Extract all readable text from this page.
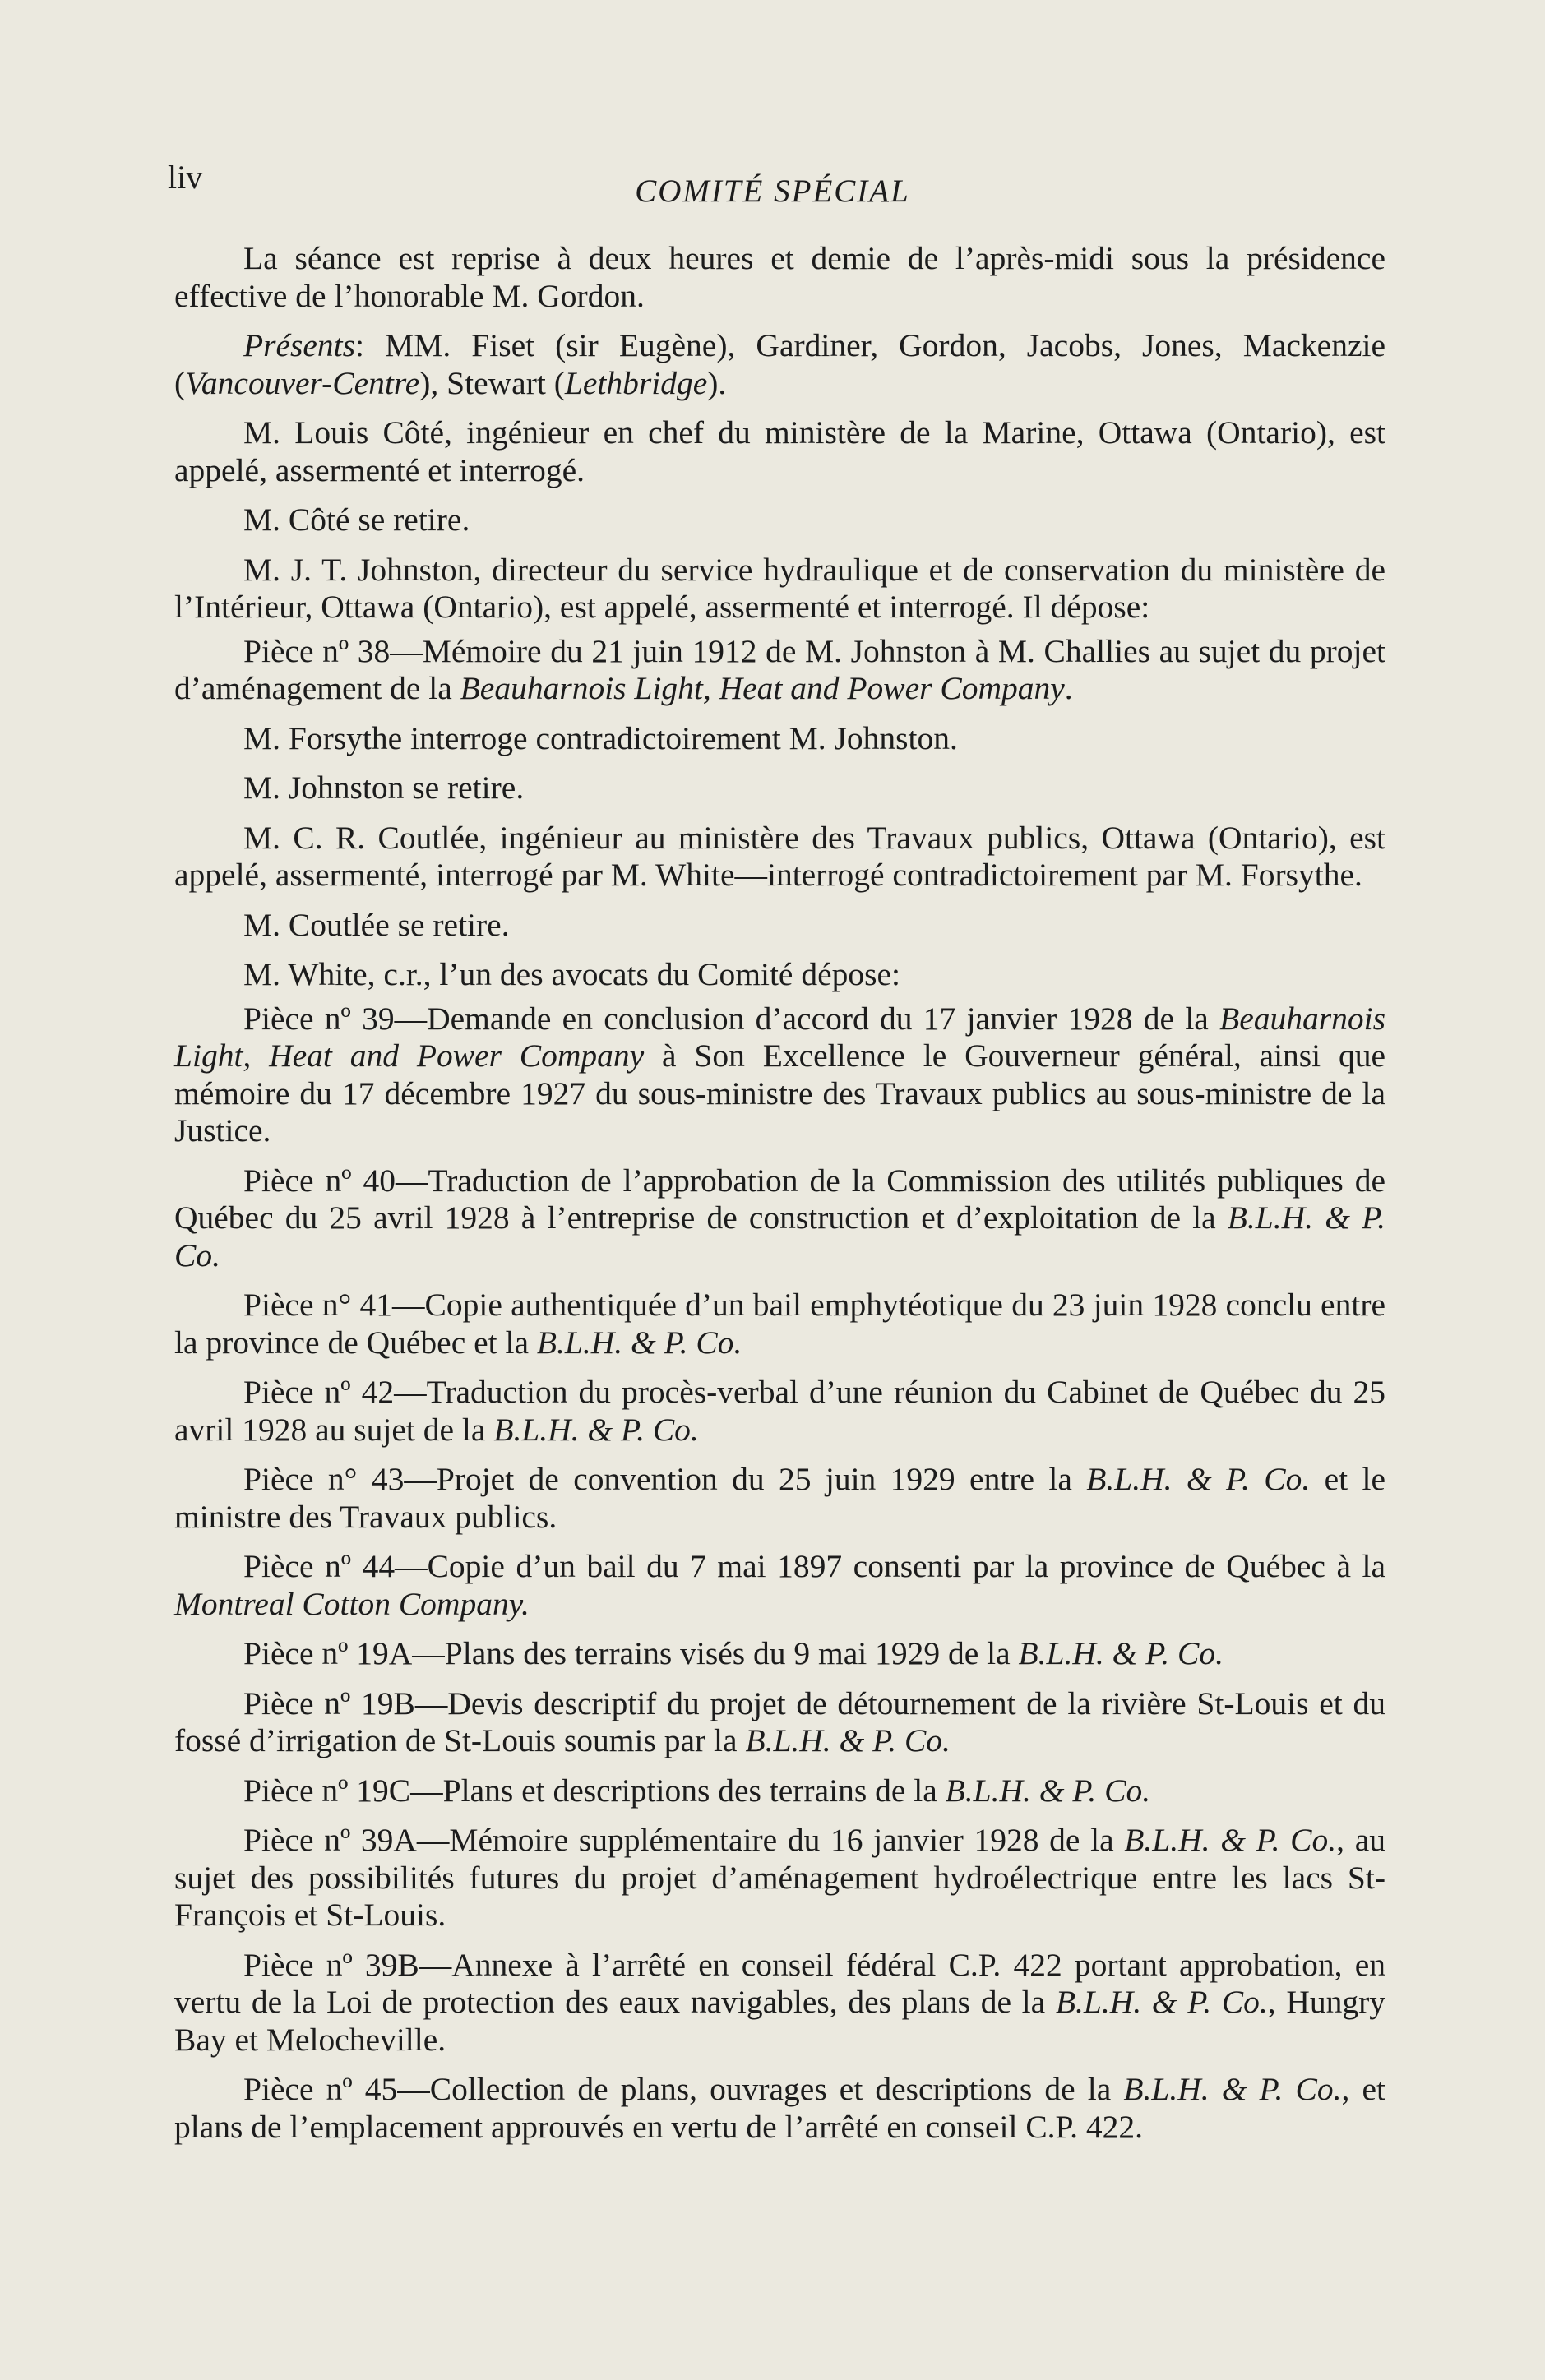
liv	COMITÉ SPÉCIAL

La séance est reprise à deux heures et demie de l’après-midi sous la présidence effective de l’honorable M. Gordon.

Présents: MM. Fiset (sir Eugène), Gardiner, Gordon, Jacobs, Jones, Mackenzie (Vancouver-Centre), Stewart (Lethbridge).

M. Louis Côté, ingénieur en chef du ministère de la Marine, Ottawa (Ontario), est appelé, assermenté et interrogé.

M. Côté se retire.

M. J. T. Johnston, directeur du service hydraulique et de conservation du ministère de l’Intérieur, Ottawa (Ontario), est appelé, assermenté et interrogé. Il dépose:

Pièce nº 38—Mémoire du 21 juin 1912 de M. Johnston à M. Challies au sujet du projet d’aménagement de la Beauharnois Light, Heat and Power Company.

M. Forsythe interroge contradictoirement M. Johnston.

M. Johnston se retire.

M. C. R. Coutlée, ingénieur au ministère des Travaux publics, Ottawa (Ontario), est appelé, assermenté, interrogé par M. White—interrogé contradictoirement par M. Forsythe.

M. Coutlée se retire.

M. White, c.r., l’un des avocats du Comité dépose:

Pièce nº 39—Demande en conclusion d’accord du 17 janvier 1928 de la Beauharnois Light, Heat and Power Company à Son Excellence le Gouverneur général, ainsi que mémoire du 17 décembre 1927 du sous-ministre des Travaux publics au sous-ministre de la Justice.

Pièce nº 40—Traduction de l’approbation de la Commission des utilités publiques de Québec du 25 avril 1928 à l’entreprise de construction et d’exploitation de la B.L.H. & P. Co.

Pièce n° 41—Copie authentiquée d’un bail emphytéotique du 23 juin 1928 conclu entre la province de Québec et la B.L.H. & P. Co.

Pièce nº 42—Traduction du procès-verbal d’une réunion du Cabinet de Québec du 25 avril 1928 au sujet de la B.L.H. & P. Co.

Pièce n° 43—Projet de convention du 25 juin 1929 entre la B.L.H. & P. Co. et le ministre des Travaux publics.

Pièce nº 44—Copie d’un bail du 7 mai 1897 consenti par la province de Québec à la Montreal Cotton Company.

Pièce nº 19A—Plans des terrains visés du 9 mai 1929 de la B.L.H. & P. Co.

Pièce nº 19B—Devis descriptif du projet de détournement de la rivière St-Louis et du fossé d’irrigation de St-Louis soumis par la B.L.H. & P. Co.

Pièce nº 19C—Plans et descriptions des terrains de la B.L.H. & P. Co.

Pièce nº 39A—Mémoire supplémentaire du 16 janvier 1928 de la B.L.H. & P. Co., au sujet des possibilités futures du projet d’aménagement hydroélectrique entre les lacs St-François et St-Louis.

Pièce nº 39B—Annexe à l’arrêté en conseil fédéral C.P. 422 portant approbation, en vertu de la Loi de protection des eaux navigables, des plans de la B.L.H. & P. Co., Hungry Bay et Melocheville.

Pièce nº 45—Collection de plans, ouvrages et descriptions de la B.L.H. & P. Co., et plans de l’emplacement approuvés en vertu de l’arrêté en conseil C.P. 422.
